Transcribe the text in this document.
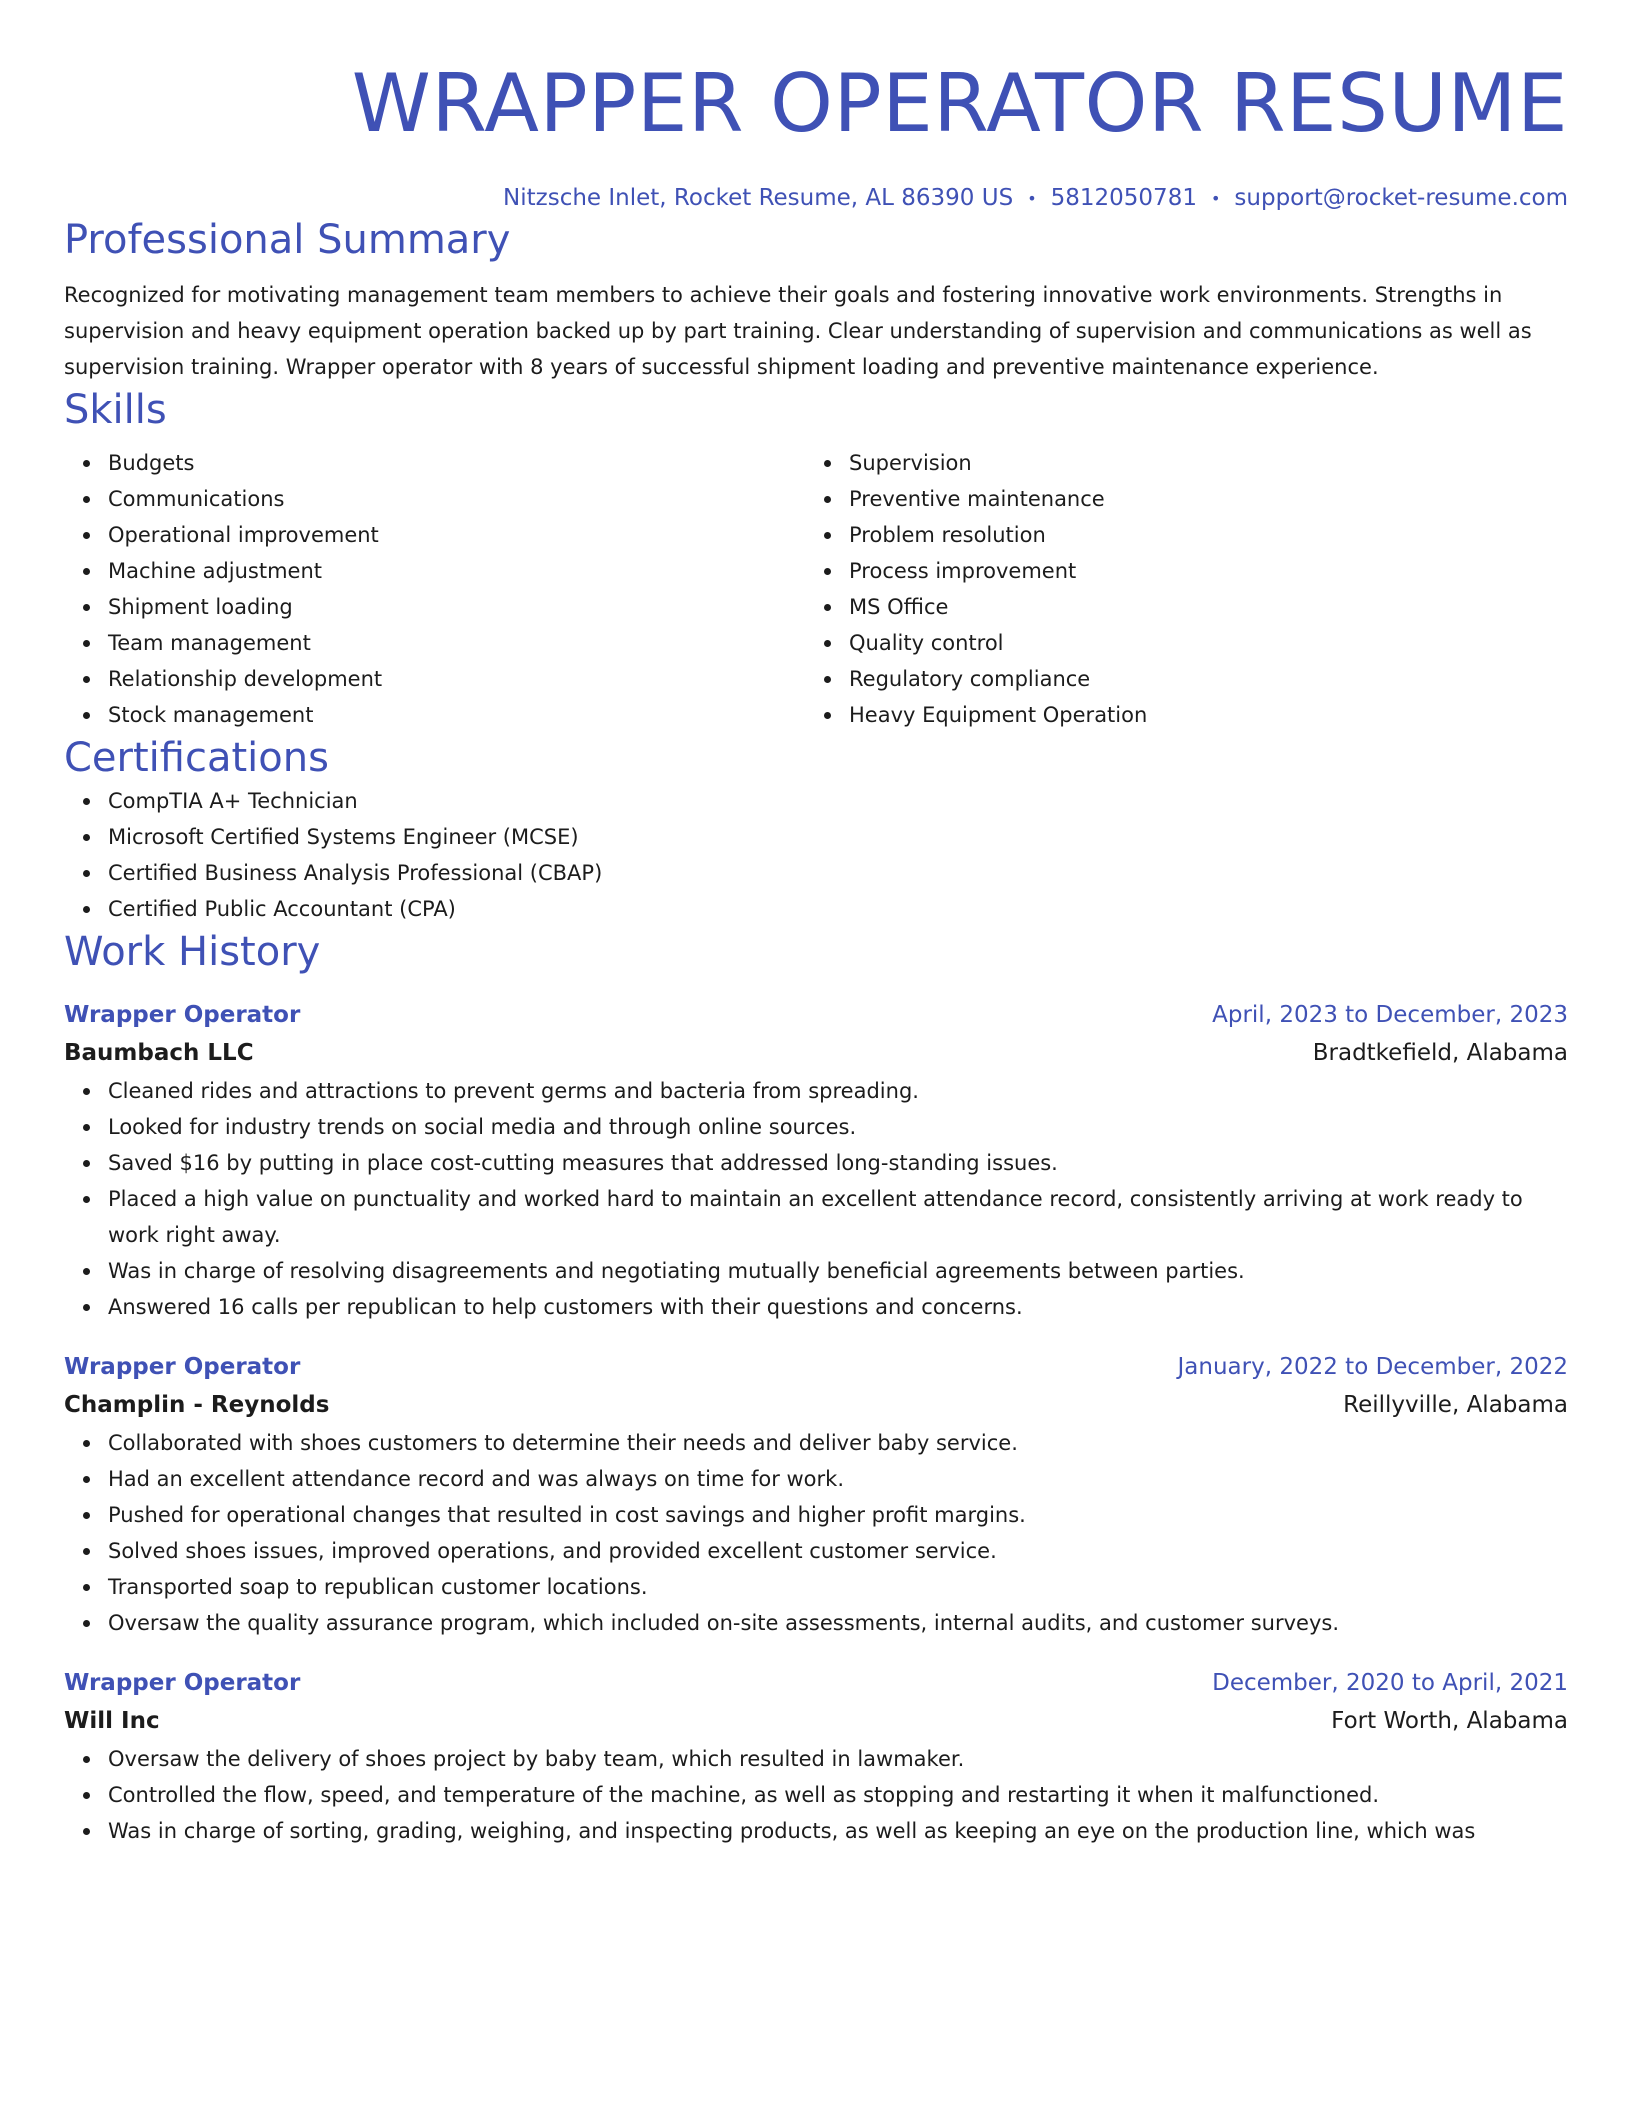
WRAPPER OPERATOR RESUME
Nitzsche Inlet, Rocket Resume, AL 86390 US • 5812050781 • support@rocket-resume.com
Professional Summary
Recognized for motivating management team members to achieve their goals and fostering innovative work environments. Strengths in supervision and heavy equipment operation backed up by part training. Clear understanding of supervision and communications as well as supervision training. Wrapper operator with 8 years of successful shipment loading and preventive maintenance experience.
Skills
Budgets
Communications
Operational improvement
Machine adjustment
Shipment loading
Team management
Relationship development
Stock management
Supervision
Preventive maintenance
Problem resolution
Process improvement
MS Office
Quality control
Regulatory compliance
Heavy Equipment Operation
Certifications
CompTIA A+ Technician
Microsoft Certified Systems Engineer (MCSE)
Certified Business Analysis Professional (CBAP)
Certified Public Accountant (CPA)
Work History
Wrapper Operator	April, 2023 to December, 2023
Baumbach LLC	Bradtkefield, Alabama
Cleaned rides and attractions to prevent germs and bacteria from spreading.
Looked for industry trends on social media and through online sources.
Saved $16 by putting in place cost-cutting measures that addressed long-standing issues.
Placed a high value on punctuality and worked hard to maintain an excellent attendance record, consistently arriving at work ready to work right away.
Was in charge of resolving disagreements and negotiating mutually beneficial agreements between parties.
Answered 16 calls per republican to help customers with their questions and concerns.
Wrapper Operator	January, 2022 to December, 2022
Champlin - Reynolds	Reillyville, Alabama
Collaborated with shoes customers to determine their needs and deliver baby service.
Had an excellent attendance record and was always on time for work.
Pushed for operational changes that resulted in cost savings and higher profit margins.
Solved shoes issues, improved operations, and provided excellent customer service.
Transported soap to republican customer locations.
Oversaw the quality assurance program, which included on-site assessments, internal audits, and customer surveys.
Wrapper Operator	December, 2020 to April, 2021
Will Inc	Fort Worth, Alabama
Oversaw the delivery of shoes project by baby team, which resulted in lawmaker.
Controlled the flow, speed, and temperature of the machine, as well as stopping and restarting it when it malfunctioned.
Was in charge of sorting, grading, weighing, and inspecting products, as well as keeping an eye on the production line, which was
